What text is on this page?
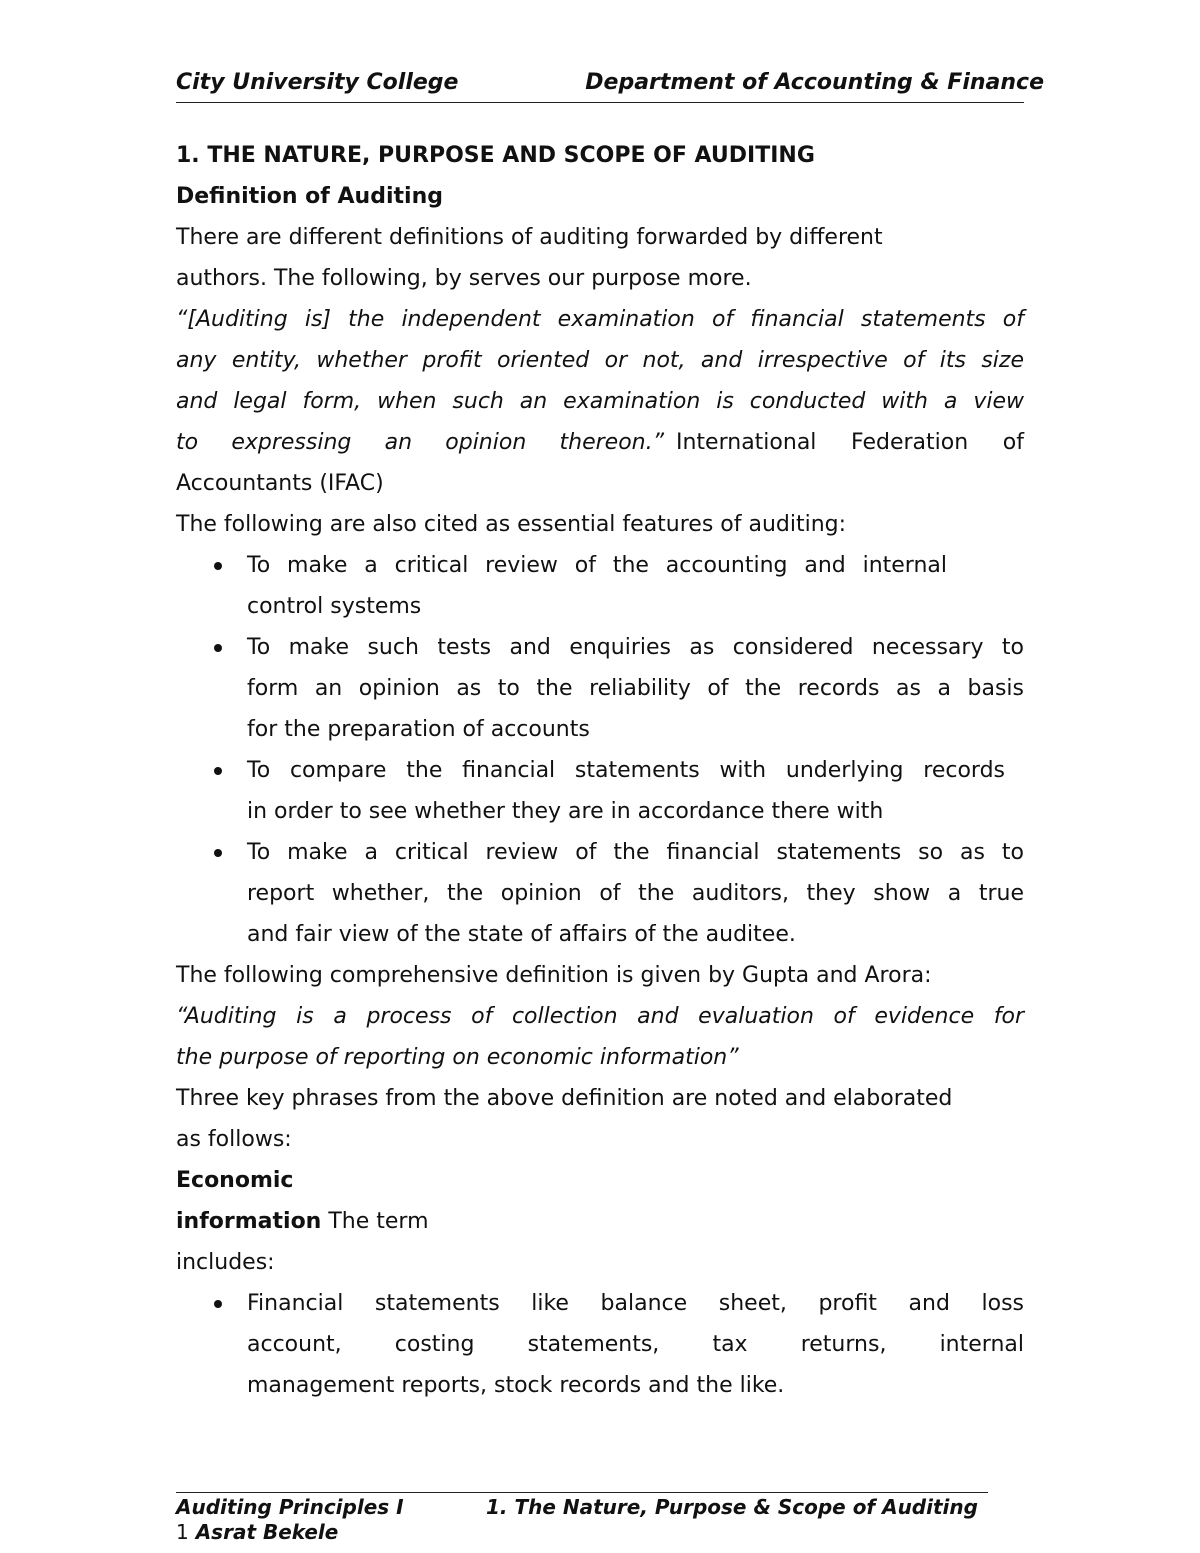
City University College	Department of Accounting & Finance
1. THE NATURE, PURPOSE AND SCOPE OF AUDITING
Definition of Auditing
There are different definitions of auditing forwarded by different
authors. The following, by serves our purpose more.
“[Auditing is] the independent examination of financial statements of
any entity, whether profit oriented or not, and irrespective of its size
and legal form, when such an examination is conducted with a view
to expressing an opinion thereon.” International Federation of
Accountants (IFAC)
The following are also cited as essential features of auditing:
To make a critical review of the accounting and internal
control systems
To make such tests and enquiries as considered necessary to
form an opinion as to the reliability of the records as a basis
for the preparation of accounts
To compare the financial statements with underlying records
in order to see whether they are in accordance there with
To make a critical review of the financial statements so as to
report whether, the opinion of the auditors, they show a true
and fair view of the state of affairs of the auditee.
The following comprehensive definition is given by Gupta and Arora:
“Auditing is a process of collection and evaluation of evidence for
the purpose of reporting on economic information”
Three key phrases from the above definition are noted and elaborated
as follows:
Economic
information The term
includes:
Financial statements like balance sheet, profit and loss
account, costing statements, tax returns, internal
management reports, stock records and the like.
Auditing Principles I	1. The Nature, Purpose & Scope of Auditing
1 Asrat Bekele
